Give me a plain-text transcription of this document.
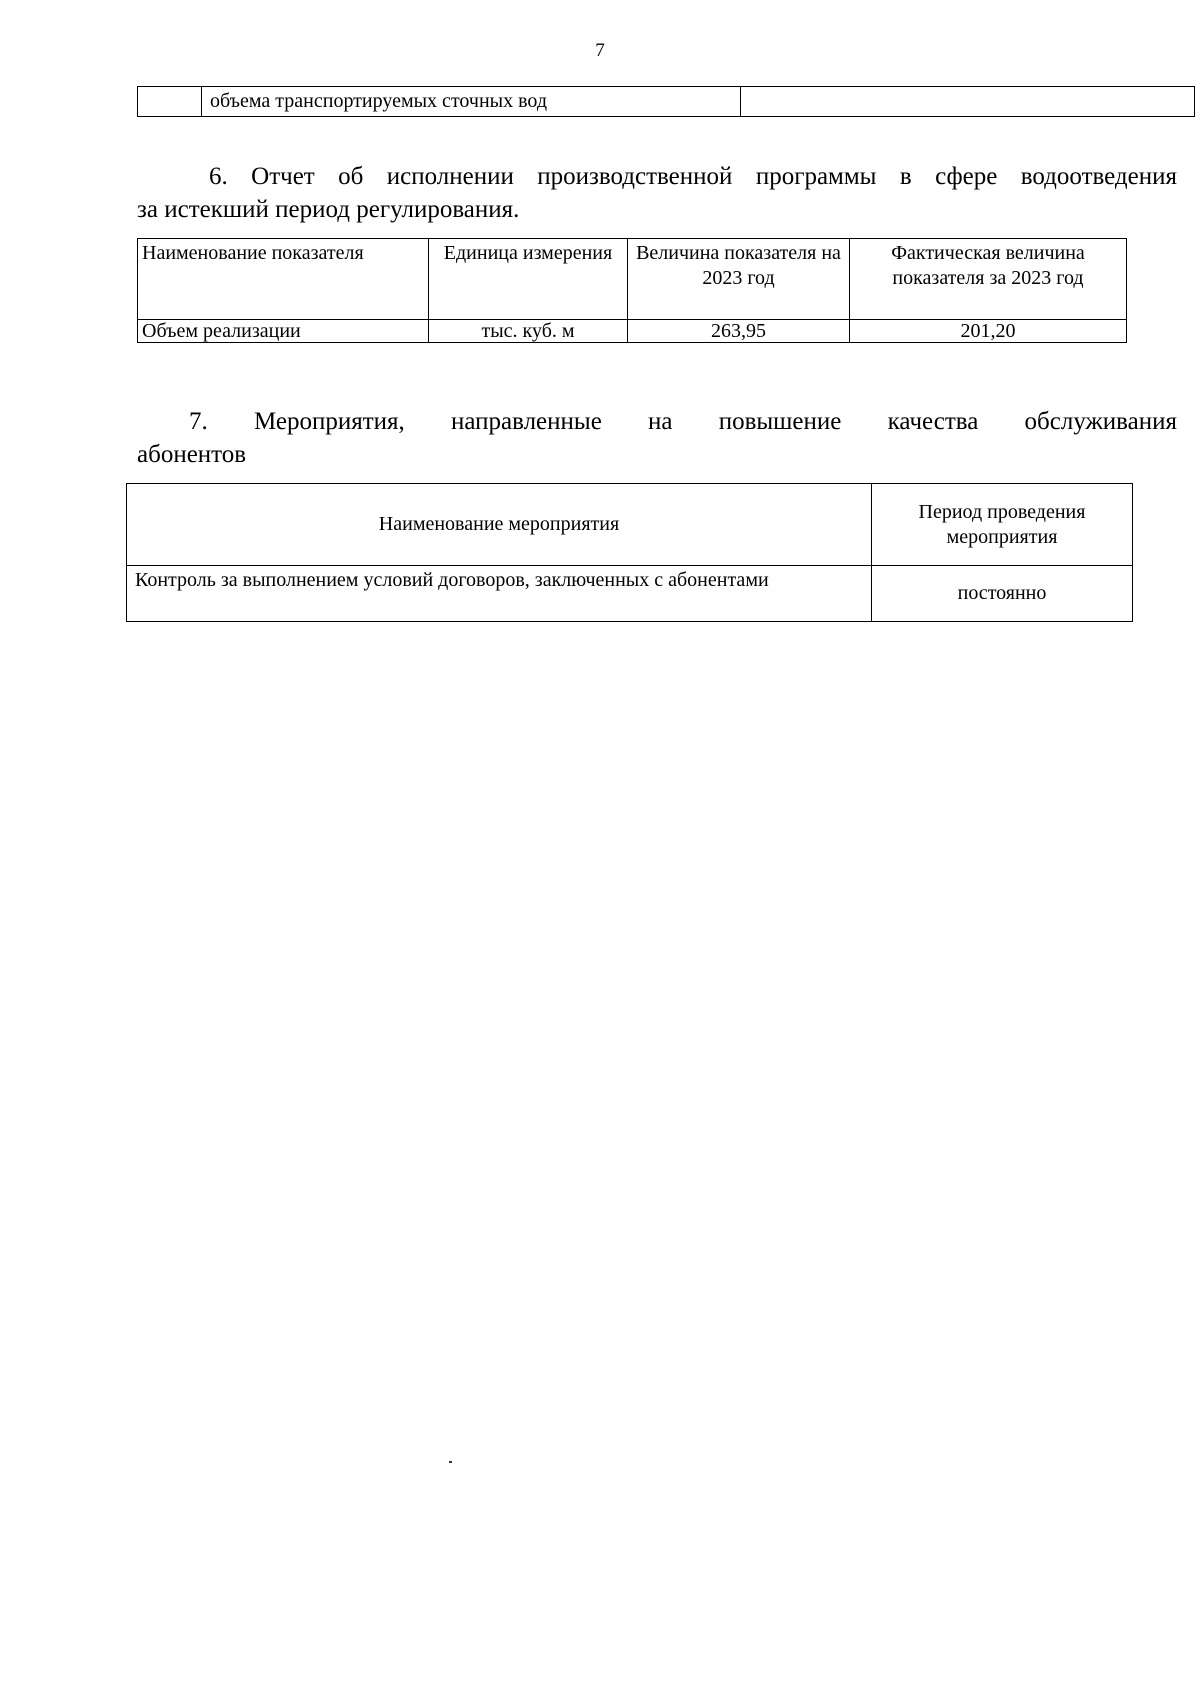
7
	объема транспортируемых сточных вод	
6. Отчет об исполнении производственной программы в сфере водоотведения
за истекший период регулирования.
Наименование показателя	Единица измерения	Величина показателя на 2023 год	Фактическая величина показателя за 2023 год
Объем реализации	тыс. куб. м	263,95	201,20
7. Мероприятия, направленные на повышение качества обслуживания
абонентов
Наименование мероприятия	Период проведения мероприятия
Контроль за выполнением условий договоров, заключенных с абонентами	постоянно
